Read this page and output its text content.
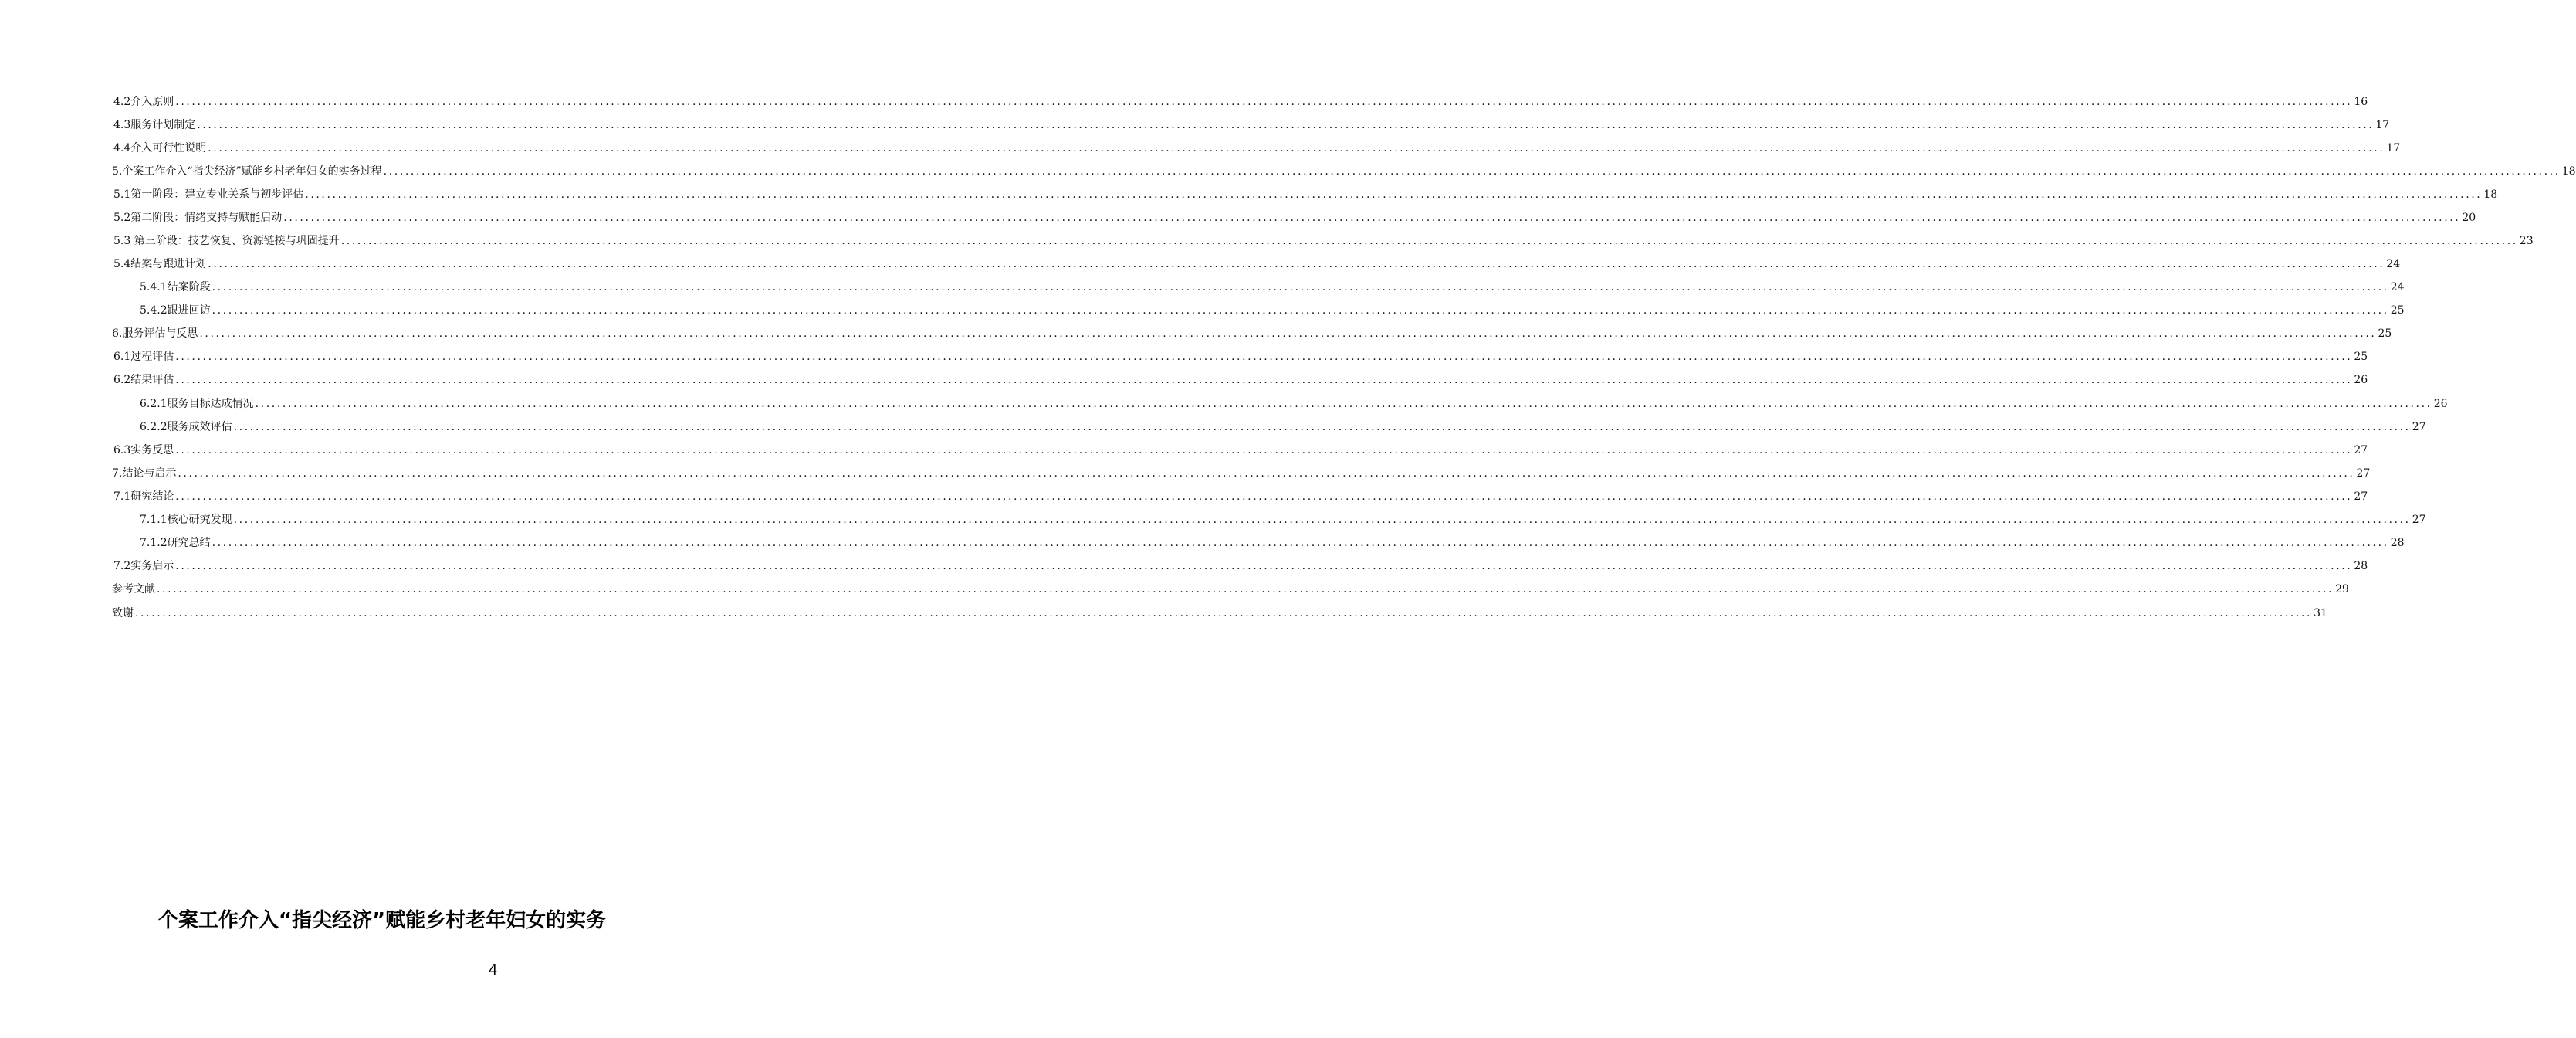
4.2介入原则 ................................................................................................................................................................................................................................................................................................................................................................................................................ 16
4.3服务计划制定 ................................................................................................................................................................................................................................................................................................................................................................................................................ 17
4.4介入可行性说明 ................................................................................................................................................................................................................................................................................................................................................................................................................ 17
5.个案工作介入“指尖经济”赋能乡村老年妇女的实务过程 ................................................................................................................................................................................................................................................................................................................................................................................................................ 18
5.1第一阶段：建立专业关系与初步评估 ................................................................................................................................................................................................................................................................................................................................................................................................................ 18
5.2第二阶段：情绪支持与赋能启动 ................................................................................................................................................................................................................................................................................................................................................................................................................ 20
5.3 第三阶段：技艺恢复、资源链接与巩固提升 ................................................................................................................................................................................................................................................................................................................................................................................................................ 23
5.4结案与跟进计划 ................................................................................................................................................................................................................................................................................................................................................................................................................ 24
5.4.1结案阶段 ................................................................................................................................................................................................................................................................................................................................................................................................................ 24
5.4.2跟进回访 ................................................................................................................................................................................................................................................................................................................................................................................................................ 25
6.服务评估与反思 ................................................................................................................................................................................................................................................................................................................................................................................................................ 25
6.1过程评估 ................................................................................................................................................................................................................................................................................................................................................................................................................ 25
6.2结果评估 ................................................................................................................................................................................................................................................................................................................................................................................................................ 26
6.2.1服务目标达成情况 ................................................................................................................................................................................................................................................................................................................................................................................................................ 26
6.2.2服务成效评估 ................................................................................................................................................................................................................................................................................................................................................................................................................ 27
6.3实务反思 ................................................................................................................................................................................................................................................................................................................................................................................................................ 27
7.结论与启示 ................................................................................................................................................................................................................................................................................................................................................................................................................ 27
7.1研究结论 ................................................................................................................................................................................................................................................................................................................................................................................................................ 27
7.1.1核心研究发现 ................................................................................................................................................................................................................................................................................................................................................................................................................ 27
7.1.2研究总结 ................................................................................................................................................................................................................................................................................................................................................................................................................ 28
7.2实务启示 ................................................................................................................................................................................................................................................................................................................................................................................................................ 28
参考文献 ................................................................................................................................................................................................................................................................................................................................................................................................................ 29
致谢 ................................................................................................................................................................................................................................................................................................................................................................................................................ 31
个案工作介入“指尖经济”赋能乡村老年妇女的实务
4
